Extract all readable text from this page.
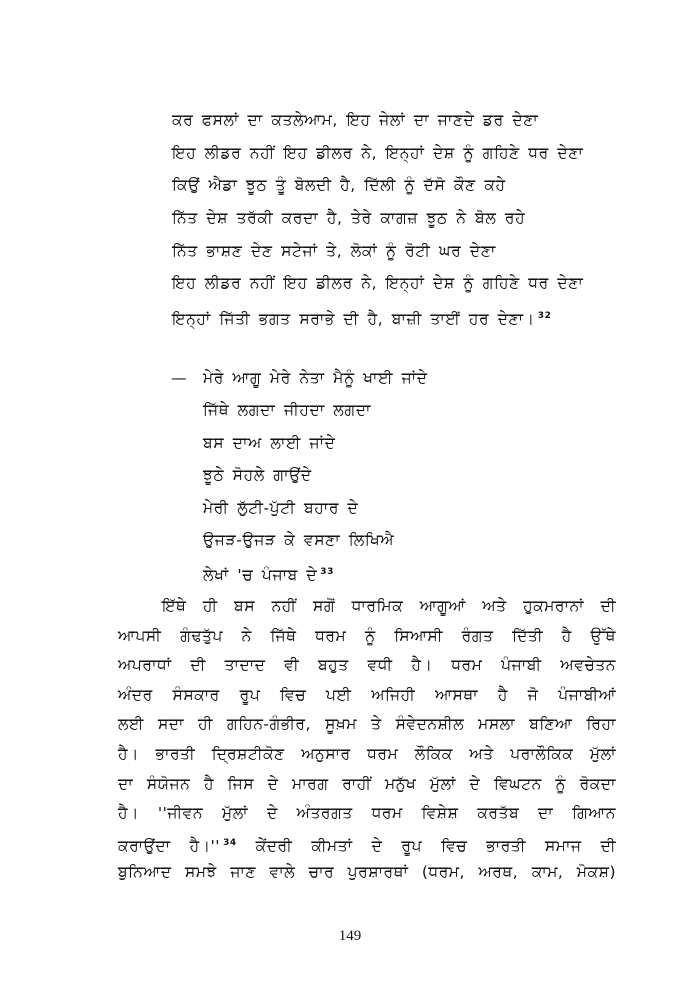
ਕਰ ਫਸਲਾਂ ਦਾ ਕਤਲੇਆਮ, ਇਹ ਜੇਲਾਂ ਦਾ ਜਾਣਦੇ ਡਰ ਦੇਣਾ
ਇਹ ਲੀਡਰ ਨਹੀਂ ਇਹ ਡੀਲਰ ਨੇ, ਇਨ੍ਹਾਂ ਦੇਸ਼ ਨੂੰ ਗਹਿਣੇ ਧਰ ਦੇਣਾ
ਕਿਉਂ ਐਡਾ ਝੂਠ ਤੂੰ ਬੋਲਦੀ ਹੈ, ਦਿੱਲੀ ਨੂੰ ਦੱਸੋ ਕੌਣ ਕਹੇ
ਨਿੱਤ ਦੇਸ਼ ਤਰੱਕੀ ਕਰਦਾ ਹੈ, ਤੇਰੇ ਕਾਗਜ਼ ਝੂਠ ਨੇ ਬੋਲ ਰਹੇ
ਨਿੱਤ ਭਾਸ਼ਣ ਦੇਣ ਸਟੇਜਾਂ ਤੇ, ਲੋਕਾਂ ਨੂੰ ਰੋਟੀ ਘਰ ਦੇਣਾ
ਇਹ ਲੀਡਰ ਨਹੀਂ ਇਹ ਡੀਲਰ ਨੇ, ਇਨ੍ਹਾਂ ਦੇਸ਼ ਨੂੰ ਗਹਿਣੇ ਧਰ ਦੇਣਾ
ਇਨ੍ਹਾਂ ਜਿੱਤੀ ਭਗਤ ਸਰਾਭੇ ਦੀ ਹੈ, ਬਾਜ਼ੀ ਤਾਈਂ ਹਰ ਦੇਣਾ। $^{32}$
— ਮੇਰੇ ਆਗੂ ਮੇਰੇ ਨੇਤਾ ਮੈਨੂੰ ਖਾਈ ਜਾਂਦੇ
ਜਿੱਥੇ ਲਗਦਾ ਜੀਹਦਾ ਲਗਦਾ
ਬਸ ਦਾਅ ਲਾਈ ਜਾਂਦੇ
ਝੂਠੇ ਸੋਹਲੇ ਗਾਉਂਦੇ
ਮੇਰੀ ਲੁੱਟੀ-ਪੁੱਟੀ ਬਹਾਰ ਦੇ
ਉਜੜ-ਉਜੜ ਕੇ ਵਸਣਾ ਲਿਖਿਐ
ਲੇਖਾਂ 'ਚ ਪੰਜਾਬ ਦੇ $^{33}$
ਇੱਥੇ ਹੀ ਬਸ ਨਹੀਂ ਸਗੋਂ ਧਾਰਮਿਕ ਆਗੂਆਂ ਅਤੇ ਹੁਕਮਰਾਨਾਂ ਦੀ
ਆਪਸੀ ਗੰਢਤੁੱਪ ਨੇ ਜਿੱਥੇ ਧਰਮ ਨੂੰ ਸਿਆਸੀ ਰੰਗਤ ਦਿੱਤੀ ਹੈ ਉੱਥੇ
ਅਪਰਾਧਾਂ ਦੀ ਤਾਦਾਦ ਵੀ ਬਹੁਤ ਵਧੀ ਹੈ। ਧਰਮ ਪੰਜਾਬੀ ਅਵਚੇਤਨ
ਅੰਦਰ ਸੰਸਕਾਰ ਰੂਪ ਵਿਚ ਪਈ ਅਜਿਹੀ ਆਸਥਾ ਹੈ ਜੋ ਪੰਜਾਬੀਆਂ
ਲਈ ਸਦਾ ਹੀ ਗਹਿਨ-ਗੰਭੀਰ, ਸੂਖ਼ਮ ਤੇ ਸੰਵੇਦਨਸ਼ੀਲ ਮਸਲਾ ਬਣਿਆ ਰਿਹਾ
ਹੈ। ਭਾਰਤੀ ਦ੍ਰਿਸ਼ਟੀਕੋਣ ਅਨੁਸਾਰ ਧਰਮ ਲੌਕਿਕ ਅਤੇ ਪਰਾਲੌਕਿਕ ਮੁੱਲਾਂ
ਦਾ ਸੰਯੋਜਨ ਹੈ ਜਿਸ ਦੇ ਮਾਰਗ ਰਾਹੀਂ ਮਨੁੱਖ ਮੁੱਲਾਂ ਦੇ ਵਿਘਟਨ ਨੂੰ ਰੋਕਦਾ
ਹੈ। ''ਜੀਵਨ ਮੁੱਲਾਂ ਦੇ ਅੰਤਰਗਤ ਧਰਮ ਵਿਸ਼ੇਸ਼ ਕਰਤੱਬ ਦਾ ਗਿਆਨ
ਕਰਾਉਂਦਾ ਹੈ।'' $^{34}$ ਕੇਂਦਰੀ ਕੀਮਤਾਂ ਦੇ ਰੂਪ ਵਿਚ ਭਾਰਤੀ ਸਮਾਜ ਦੀ
ਬੁਨਿਆਦ ਸਮਝੇ ਜਾਣ ਵਾਲੇ ਚਾਰ ਪੁਰਸ਼ਾਰਥਾਂ (ਧਰਮ, ਅਰਥ, ਕਾਮ, ਮੋਕਸ਼)
149
